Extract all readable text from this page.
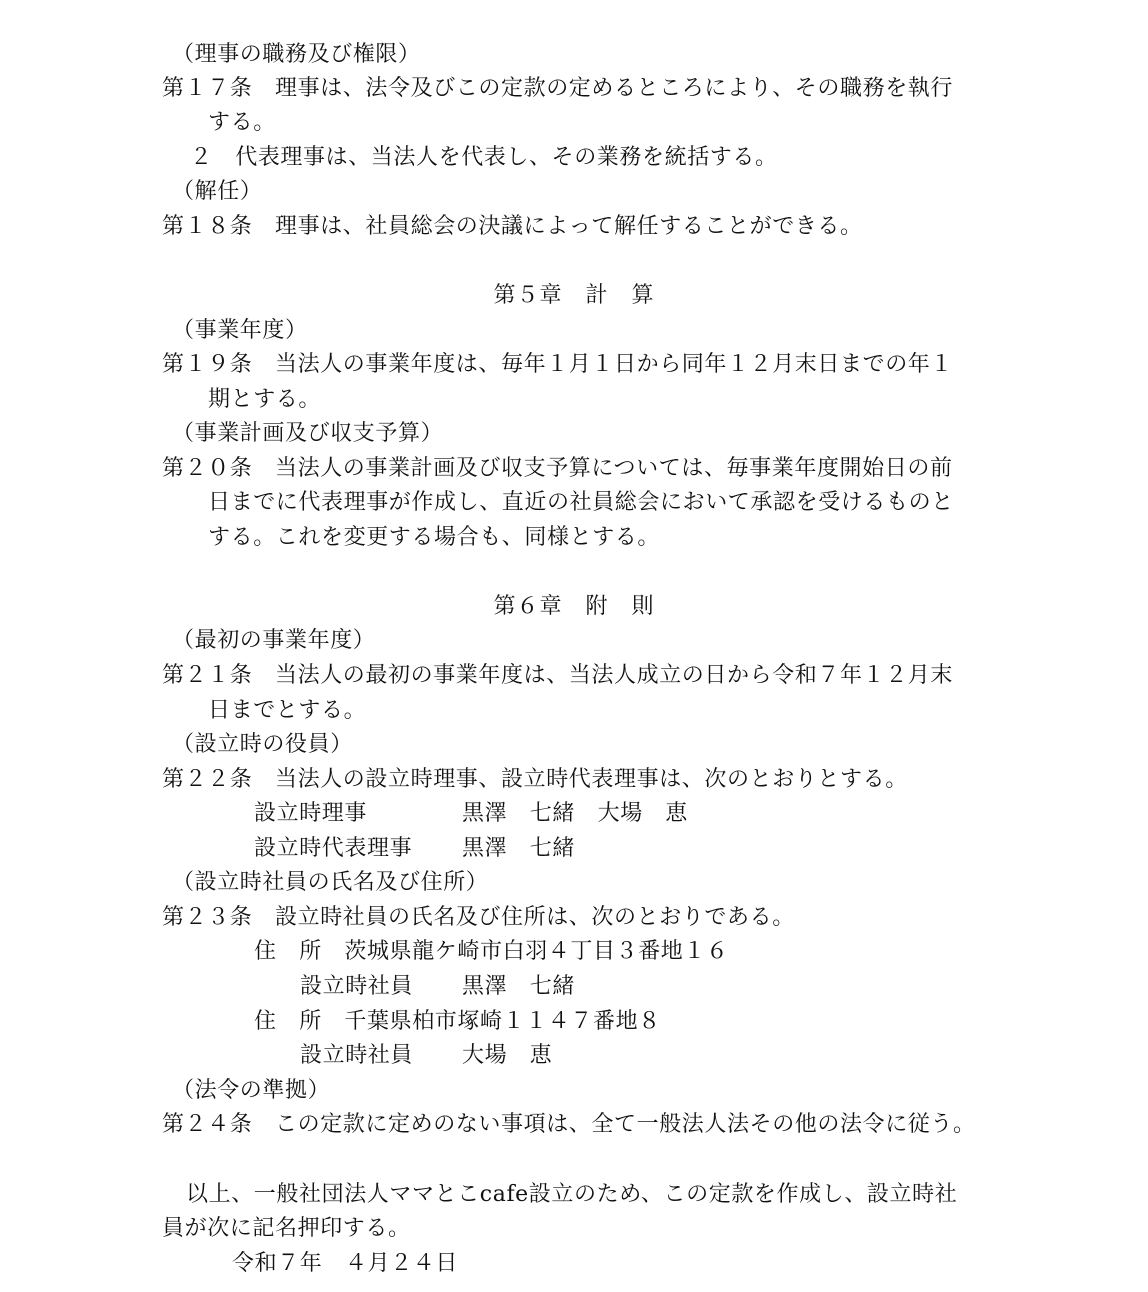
（理事の職務及び権限）
第１７条　理事は、法令及びこの定款の定めるところにより、その職務を執行
する。
２　代表理事は、当法人を代表し、その業務を統括する。
（解任）
第１８条　理事は、社員総会の決議によって解任することができる。
第５章　計　算
（事業年度）
第１９条　当法人の事業年度は、毎年１月１日から同年１２月末日までの年１
期とする。
（事業計画及び収支予算）
第２０条　当法人の事業計画及び収支予算については、毎事業年度開始日の前
日までに代表理事が作成し、直近の社員総会において承認を受けるものと
する。これを変更する場合も、同様とする。
第６章　附　則
（最初の事業年度）
第２１条　当法人の最初の事業年度は、当法人成立の日から令和７年１２月末
日までとする。
（設立時の役員）
第２２条　当法人の設立時理事、設立時代表理事は、次のとおりとする。
設立時理事	黒澤　七緒　大場　恵
設立時代表理事 黒澤　七緒
（設立時社員の氏名及び住所）
第２３条　設立時社員の氏名及び住所は、次のとおりである。
住　所　茨城県龍ケ崎市白羽４丁目３番地１６
設立時社員 黒澤　七緒
住　所　千葉県柏市塚崎１１４７番地８
設立時社員 大場　恵
（法令の準拠）
第２４条　この定款に定めのない事項は、全て一般法人法その他の法令に従う。
以上、一般社団法人ママとこcafe設立のため、この定款を作成し、設立時社
員が次に記名押印する。
令和７年　４月２４日
